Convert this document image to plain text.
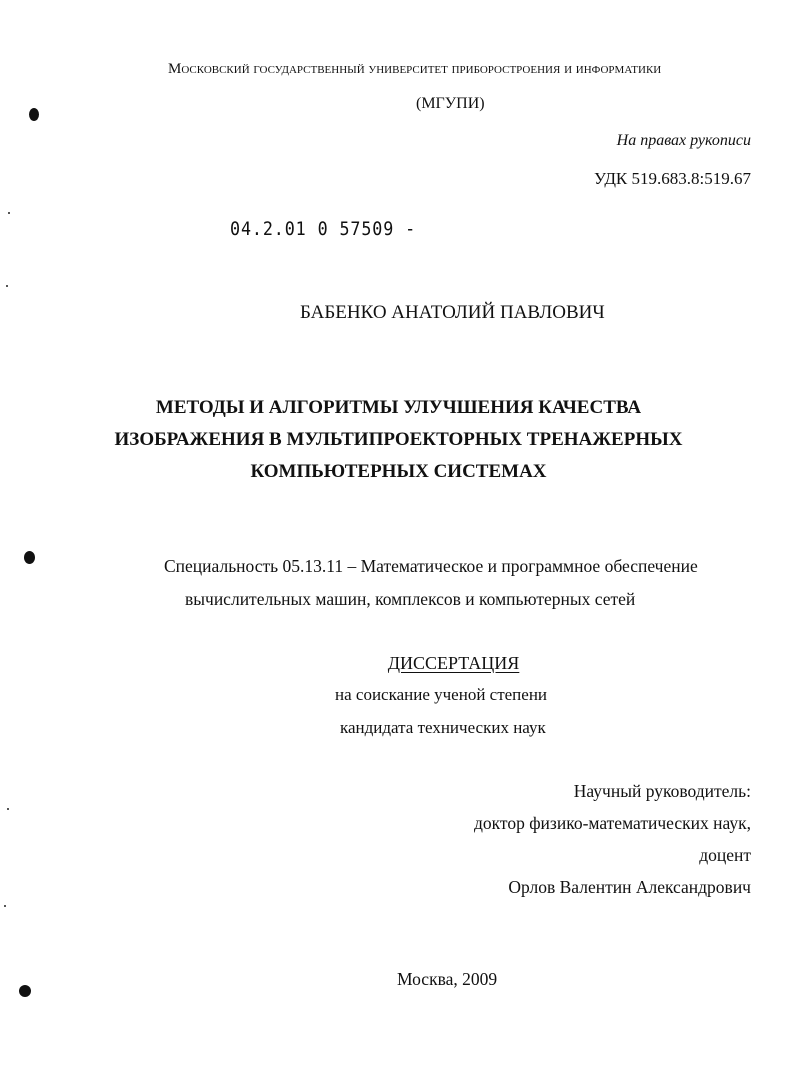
Московский государственный университет приборостроения и информатики
(МГУПИ)
На правах рукописи
УДК 519.683.8:519.67
04.2.01 0 57509 -
БАБЕНКО АНАТОЛИЙ ПАВЛОВИЧ
МЕТОДЫ И АЛГОРИТМЫ УЛУЧШЕНИЯ КАЧЕСТВА
ИЗОБРАЖЕНИЯ В МУЛЬТИПРОЕКТОРНЫХ ТРЕНАЖЕРНЫХ
КОМПЬЮТЕРНЫХ СИСТЕМАХ
Специальность 05.13.11 – Математическое и программное обеспечение
вычислительных машин, комплексов и компьютерных сетей
ДИССЕРТАЦИЯ
на соискание ученой степени
кандидата технических наук
Научный руководитель:
доктор физико-математических наук,
доцент
Орлов Валентин Александрович
Москва, 2009
